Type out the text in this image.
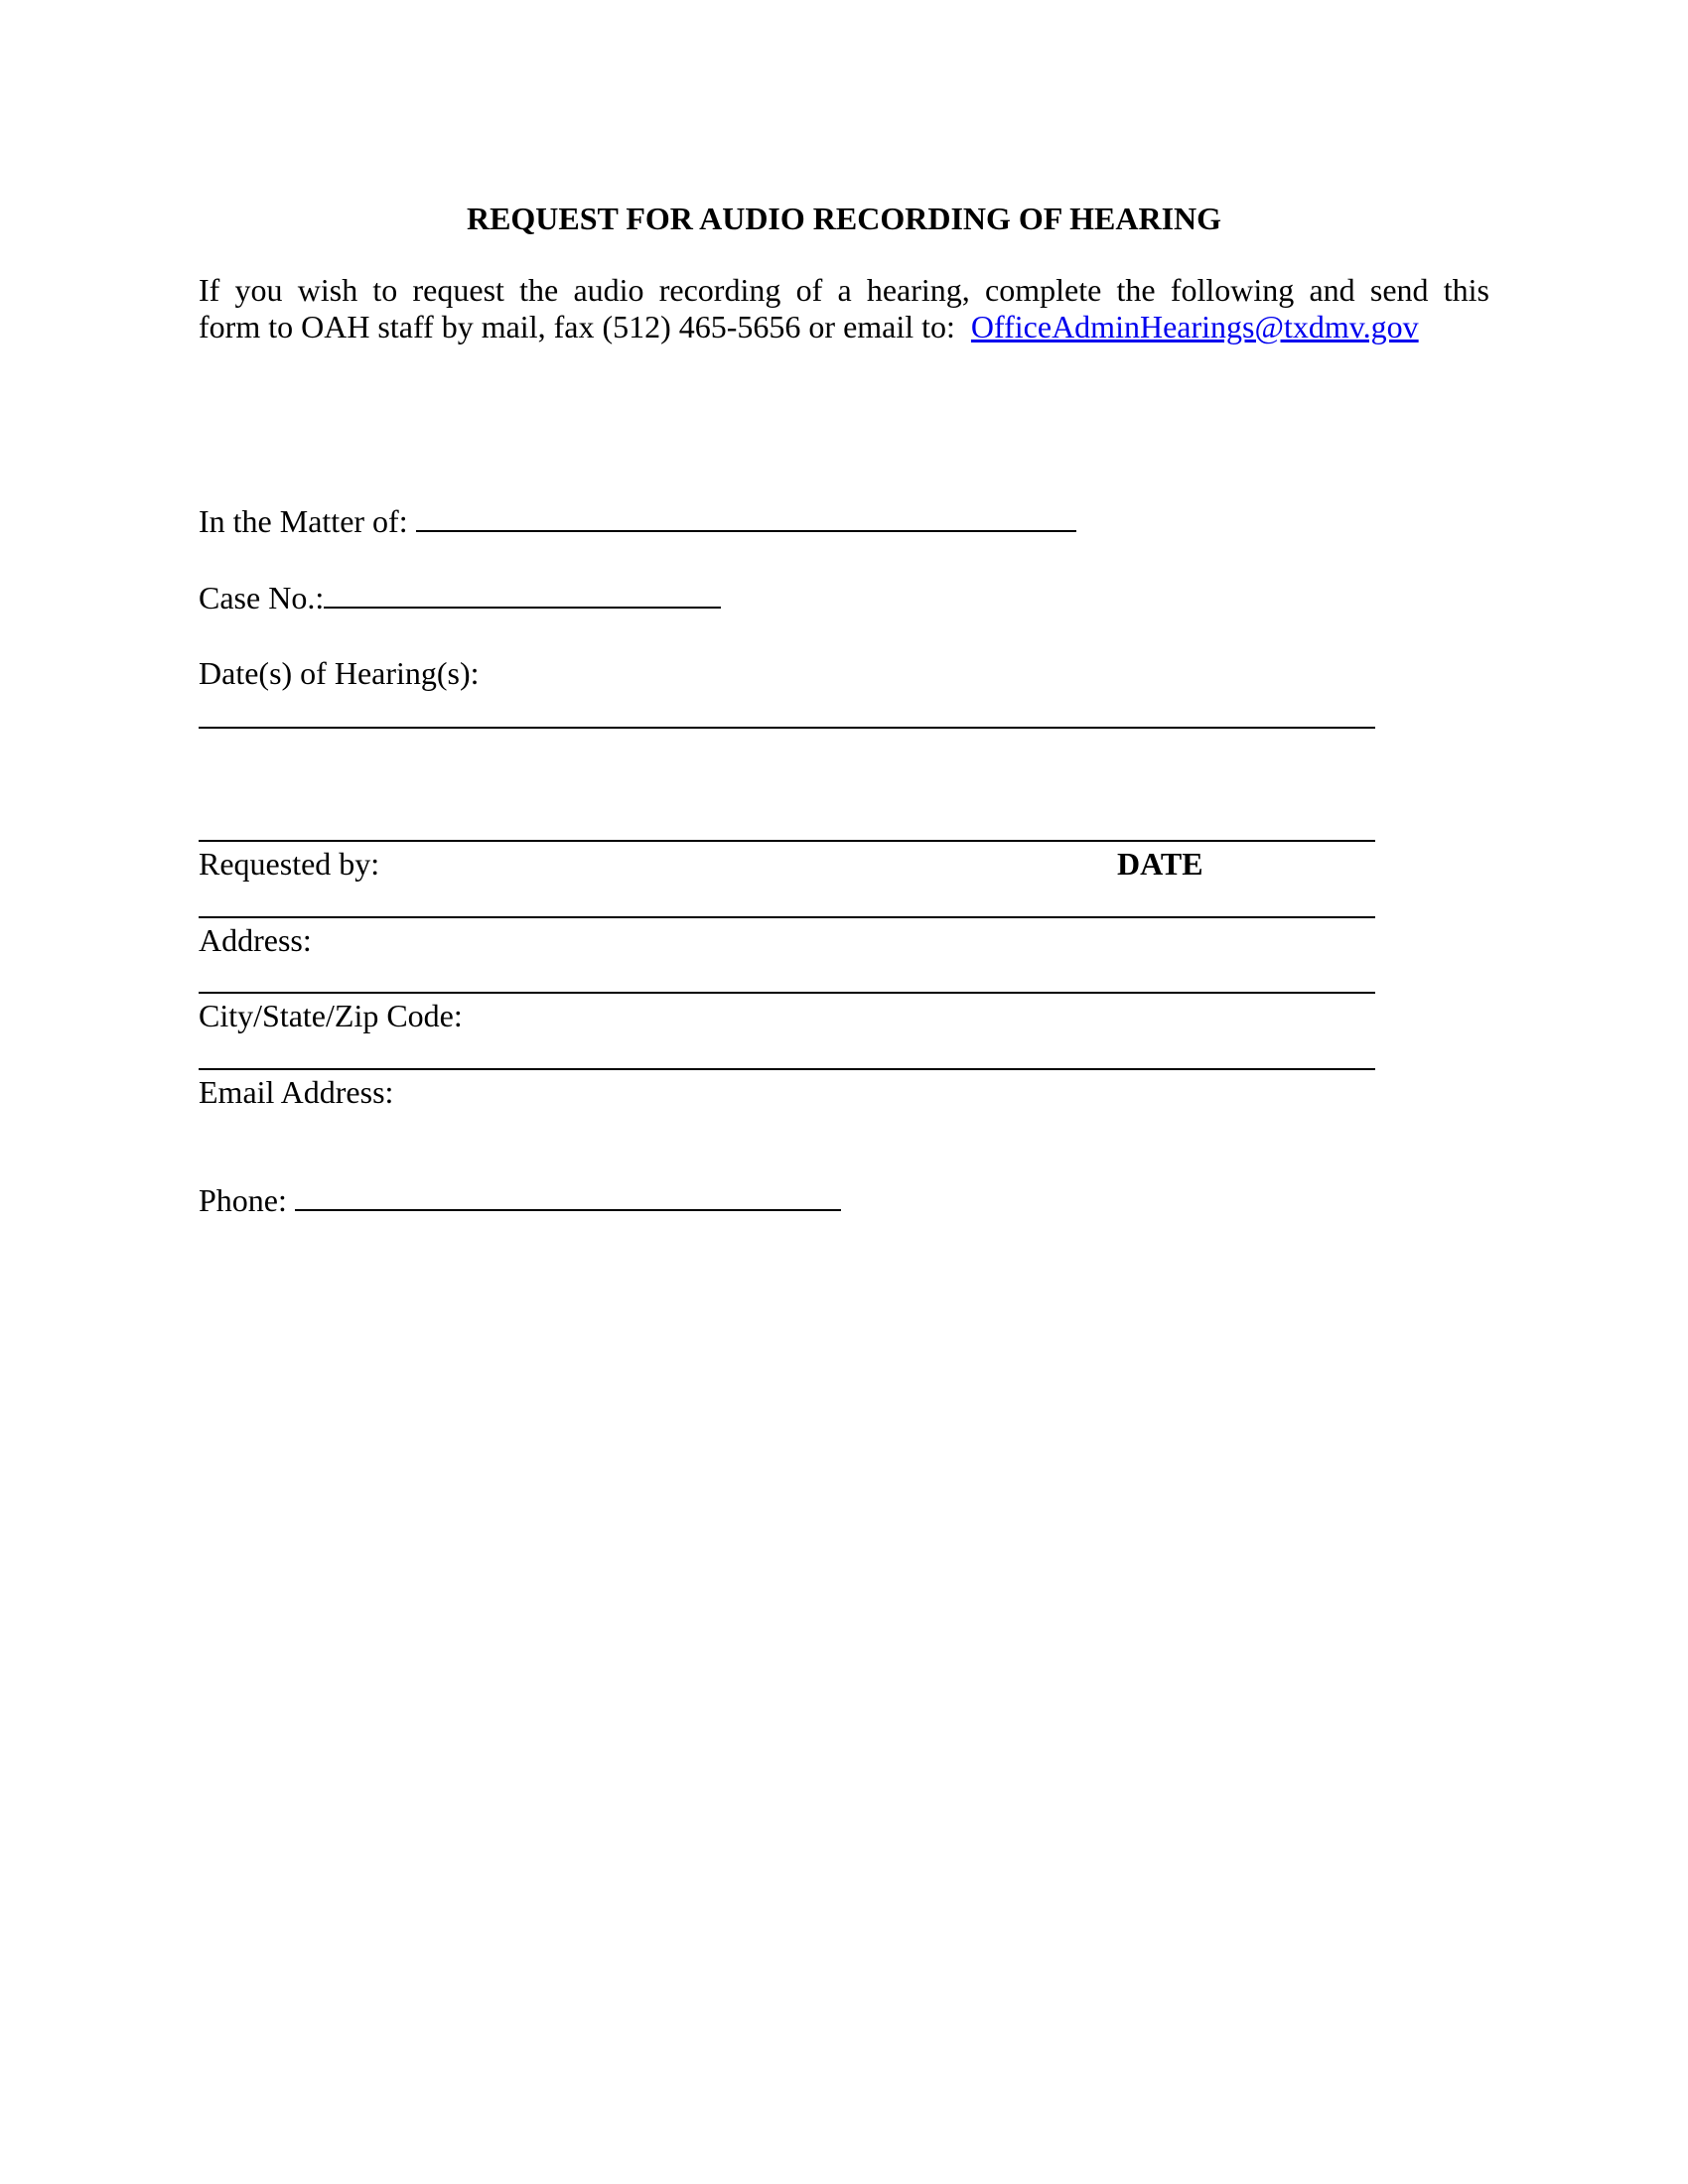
REQUEST FOR AUDIO RECORDING OF HEARING
If you wish to request the audio recording of a hearing, complete the following and send this
form to OAH staff by mail, fax (512) 465-5656 or email to: OfficeAdminHearings@txdmv.gov
In the Matter of:
Case No.:
Date(s) of Hearing(s):
Requested by:	DATE
Address:
City/State/Zip Code:
Email Address:
Phone:
